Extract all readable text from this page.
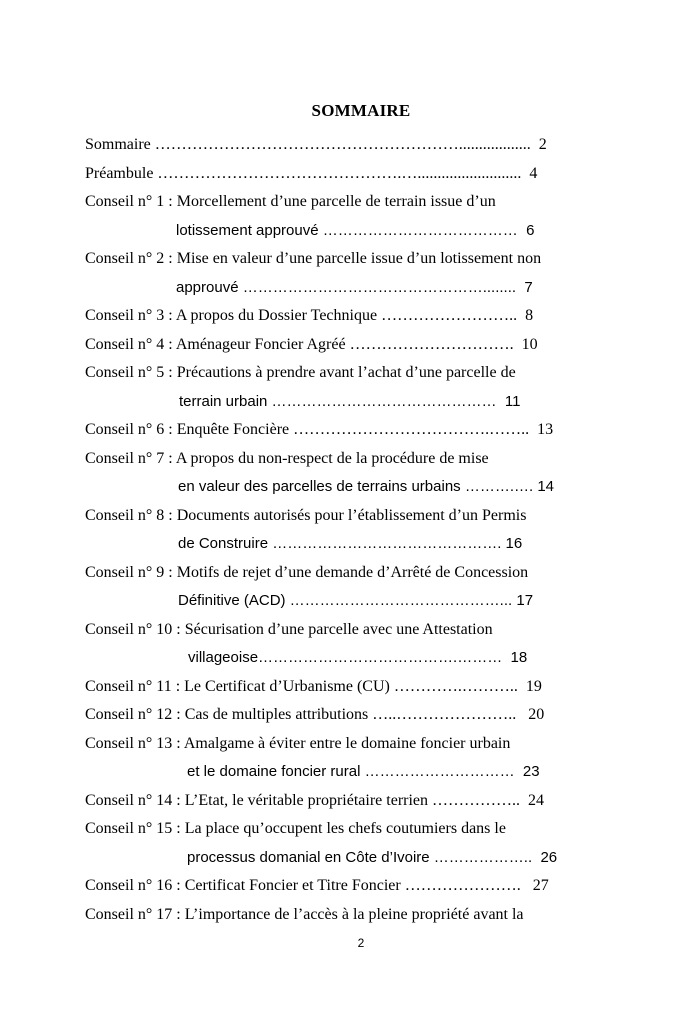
SOMMAIRE
Sommaire …………………………………………………..................  2
Préambule ……………………………………….…..........................  4
Conseil n° 1 : Morcellement d’une parcelle de terrain issue d’un
lotissement approuvé …………………………………  6
Conseil n° 2 : Mise en valeur d’une parcelle issue d’un lotissement non
approuvé …………………………………………........  7
Conseil n° 3 : A propos du Dossier Technique ……………………..  8
Conseil n° 4 : Aménageur Foncier Agréé ………………………….  10
Conseil n° 5 : Précautions à prendre avant l’achat d’une parcelle de
terrain urbain ………………………………………  11
Conseil n° 6 : Enquête Foncière ……………………………….……..  13
Conseil n° 7 : A propos du non-respect de la procédure de mise
en valeur des parcelles de terrains urbains ……….…. 14
Conseil n° 8 : Documents autorisés pour l’établissement d’un Permis
de Construire ………………………………………. 16
Conseil n° 9 : Motifs de rejet d’une demande d’Arrêté de Concession
Définitive (ACD) ……………………………………... 17
Conseil n° 10 : Sécurisation d’une parcelle avec une Attestation
villageoise………………………………….………  18
Conseil n° 11 : Le Certificat d’Urbanisme (CU) ………….………..  19
Conseil n° 12 : Cas de multiples attributions …..…………………..   20
Conseil n° 13 : Amalgame à éviter entre le domaine foncier urbain
et le domaine foncier rural …………………………  23
Conseil n° 14 : L’Etat, le véritable propriétaire terrien ……………..  24
Conseil n° 15 : La place qu’occupent les chefs coutumiers dans le
processus domanial en Côte d’Ivoire ………………..  26
Conseil n° 16 : Certificat Foncier et Titre Foncier ………………….   27
Conseil n° 17 : L’importance de l’accès à la pleine propriété avant la
2
